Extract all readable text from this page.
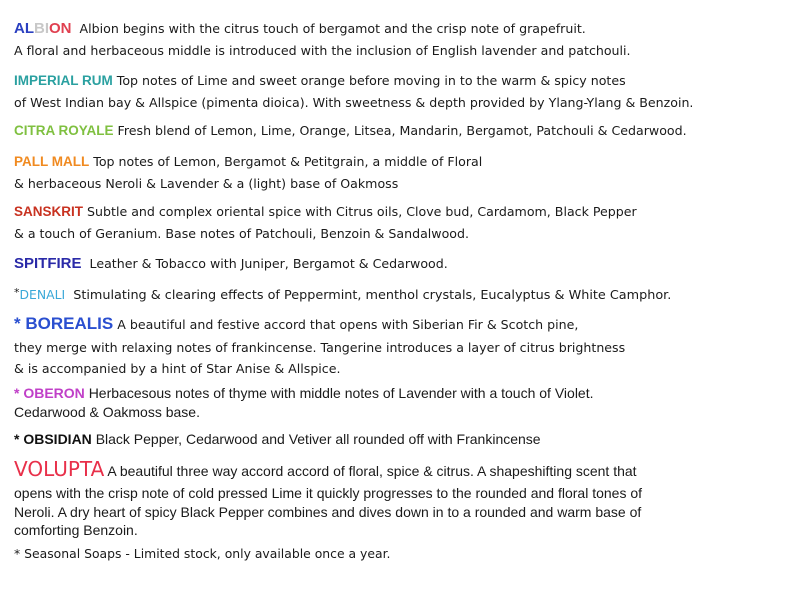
ALBION Albion begins with the citrus touch of bergamot and the crisp note of grapefruit.
A floral and herbaceous middle is introduced with the inclusion of English lavender and patchouli.
IMPERIAL RUM Top notes of Lime and sweet orange before moving in to the warm & spicy notes
of West Indian bay & Allspice (pimenta dioica). With sweetness & depth provided by Ylang-Ylang & Benzoin.
CITRA ROYALE Fresh blend of Lemon, Lime, Orange, Litsea, Mandarin, Bergamot, Patchouli & Cedarwood.
PALL MALL Top notes of Lemon, Bergamot & Petitgrain, a middle of Floral
& herbaceous Neroli & Lavender & a (light) base of Oakmoss
SANSKRIT Subtle and complex oriental spice with Citrus oils, Clove bud, Cardamom, Black Pepper
& a touch of Geranium. Base notes of Patchouli, Benzoin & Sandalwood.
SPITFIRE Leather & Tobacco with Juniper, Bergamot & Cedarwood.
*DENALI Stimulating & clearing effects of Peppermint, menthol crystals, Eucalyptus & White Camphor.
* BOREALIS A beautiful and festive accord that opens with Siberian Fir & Scotch pine,
they merge with relaxing notes of frankincense. Tangerine introduces a layer of citrus brightness
& is accompanied by a hint of Star Anise & Allspice.
* OBERON Herbacesous notes of thyme with middle notes of Lavender with a touch of Violet.
Cedarwood & Oakmoss base.
* OBSIDIAN Black Pepper, Cedarwood and Vetiver all rounded off with Frankincense
VOLUPTA A beautiful three way accord accord of floral, spice & citrus. A shapeshifting scent that
opens with the crisp note of cold pressed Lime it quickly progresses to the rounded and floral tones of
Neroli. A dry heart of spicy Black Pepper combines and dives down in to a rounded and warm base of
comforting Benzoin.
* Seasonal Soaps - Limited stock, only available once a year.
